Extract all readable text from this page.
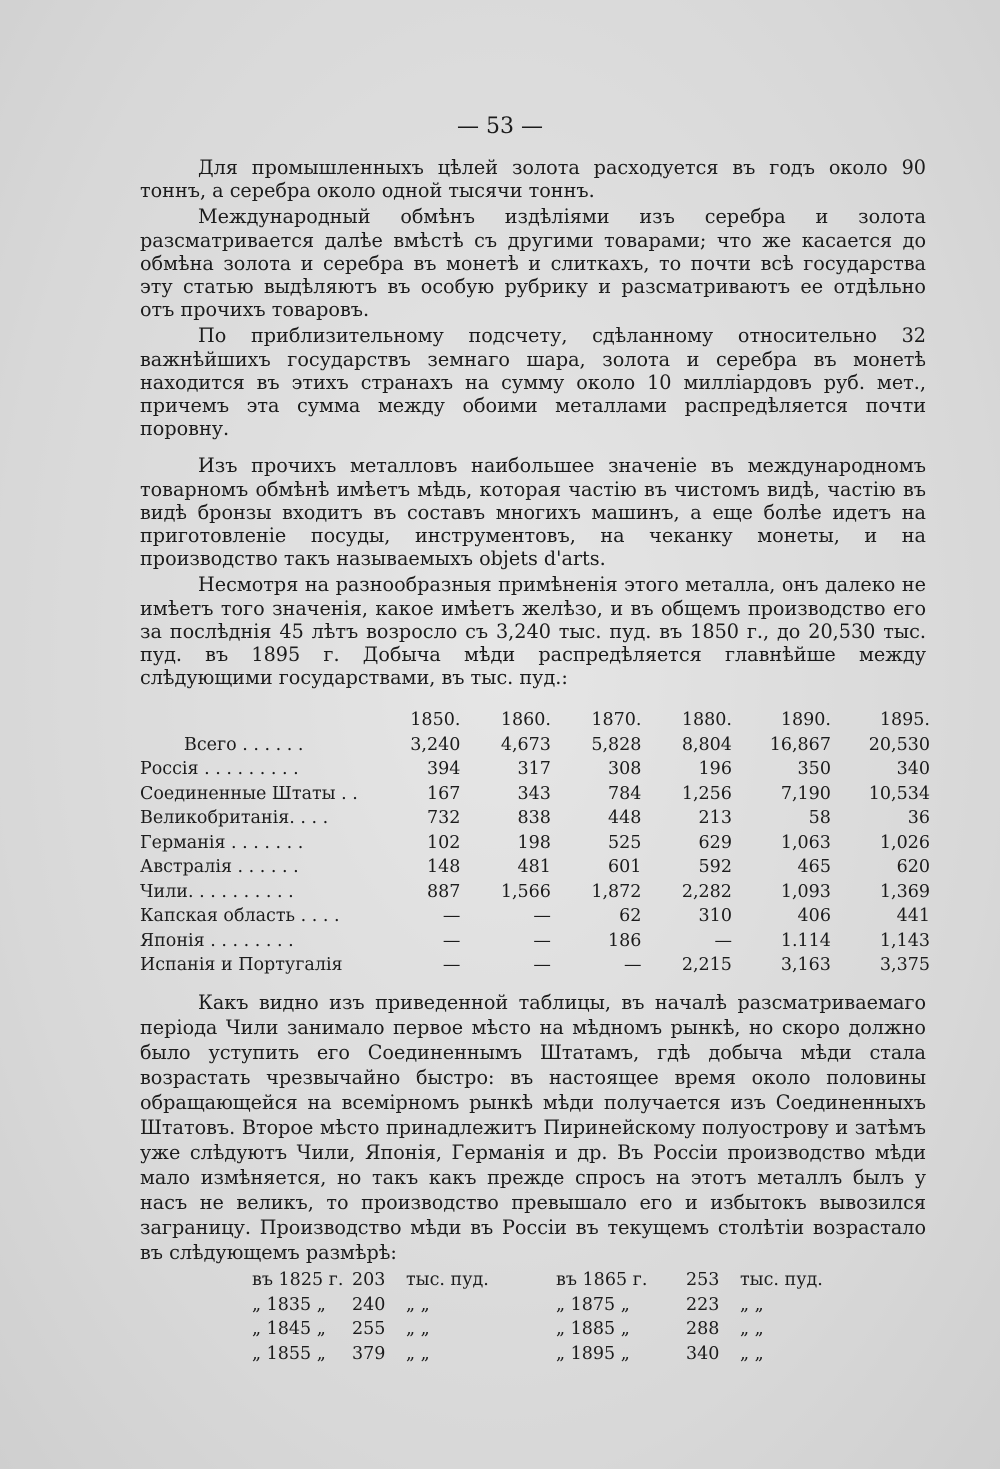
— 53 —

Для промышленныхъ цѣлей золота расходуется въ годъ около 90 тоннъ, а серебра около одной тысячи тоннъ.

Международный обмѣнъ издѣліями изъ серебра и золота разсматривается далѣе вмѣстѣ съ другими товарами; что же касается до обмѣна золота и серебра въ монетѣ и слиткахъ, то почти всѣ государства эту статью выдѣляютъ въ особую рубрику и разсматриваютъ ее отдѣльно отъ прочихъ товаровъ.

По приблизительному подсчету, сдѣланному относительно 32 важнѣйшихъ государствъ земнаго шара, золота и серебра въ монетѣ находится въ этихъ странахъ на сумму около 10 милліардовъ руб. мет., причемъ эта сумма между обоими металлами распредѣляется почти поровну.

Изъ прочихъ металловъ наибольшее значеніе въ международномъ товарномъ обмѣнѣ имѣетъ мѣдь, которая частію въ чистомъ видѣ, частію въ видѣ бронзы входитъ въ составъ многихъ машинъ, а еще болѣе идетъ на приготовленіе посуды, инструментовъ, на чеканку монеты, и на производство такъ называемыхъ objets d'arts.

Несмотря на разнообразныя примѣненія этого металла, онъ далеко не имѣетъ того значенія, какое имѣетъ желѣзо, и въ общемъ производство его за послѣднія 45 лѣтъ возросло съ 3,240 тыс. пуд. въ 1850 г., до 20,530 тыс. пуд. въ 1895 г. Добыча мѣди распредѣляется главнѣйше между слѣдующими государствами, въ тыс. пуд.:

	1850.	1860.	1870.	1880.	1890.	1895.
Всего . . . . . .	3,240	4,673	5,828	8,804	16,867	20,530
Россія . . . . . . . . .	394	317	308	196	350	340
Соединенные Штаты . .	167	343	784	1,256	7,190	10,534
Великобританія. . . .	732	838	448	213	58	36
Германія . . . . . . .	102	198	525	629	1,063	1,026
Австралія . . . . . .	148	481	601	592	465	620
Чили. . . . . . . . . .	887	1,566	1,872	2,282	1,093	1,369
Капская область . . . .	—	—	62	310	406	441
Японія . . . . . . . .	—	—	186	—	1.114	1,143
Испанія и Португалія	—	—	—	2,215	3,163	3,375

Какъ видно изъ приведенной таблицы, въ началѣ разсматриваемаго періода Чили занимало первое мѣсто на мѣдномъ рынкѣ, но скоро должно было уступить его Соединеннымъ Штатамъ, гдѣ добыча мѣди стала возрастать чрезвычайно быстро: въ настоящее время около половины обращающейся на всемірномъ рынкѣ мѣди получается изъ Соединенныхъ Штатовъ. Второе мѣсто принадлежитъ Пиринейскому полуострову и затѣмъ уже слѣдуютъ Чили, Японія, Германія и др. Въ Россіи производство мѣди мало измѣняется, но такъ какъ прежде спросъ на этотъ металлъ былъ у насъ не великъ, то производство превышало его и избытокъ вывозился заграницу. Производство мѣди въ Россіи въ текущемъ столѣтіи возрастало въ слѣдующемъ размѣрѣ:

въ 1825 г.	203	тыс. пуд.	въ 1865 г.	253	тыс. пуд.
„ 1835 „	240	„ „	„ 1875 „	223	„ „
„ 1845 „	255	„ „	„ 1885 „	288	„ „
„ 1855 „	379	„ „	„ 1895 „	340	„ „
